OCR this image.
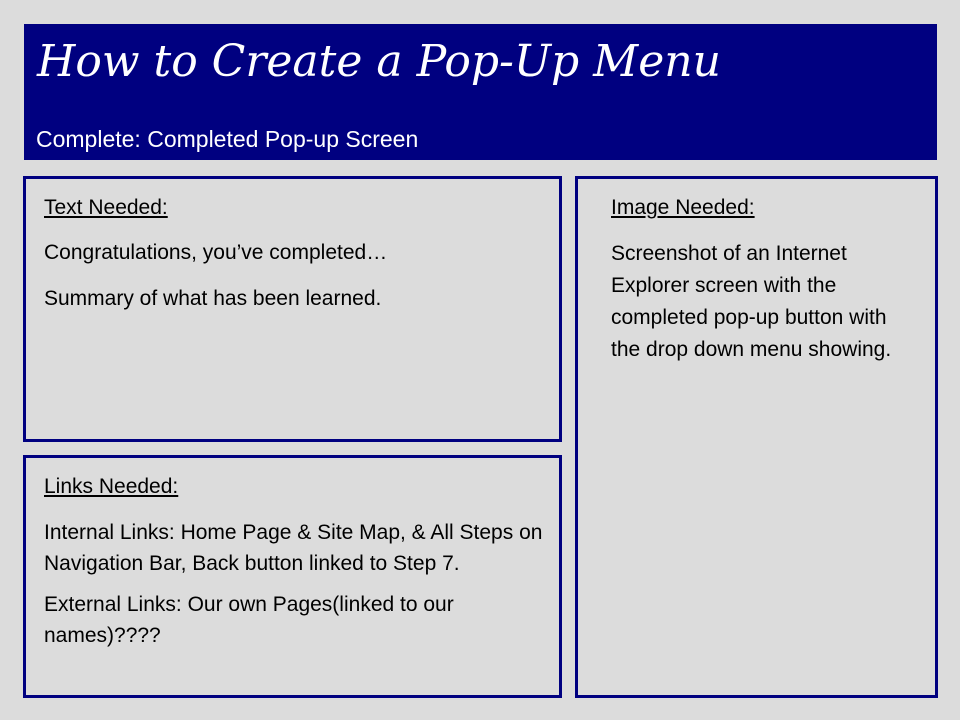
How to Create a Pop-Up Menu
Complete: Completed Pop-up Screen
Text Needed:
Congratulations, you’ve completed…
Summary of what has been learned.
Links Needed:
Internal Links: Home Page & Site Map, & All Steps on Navigation Bar, Back button linked to Step 7.
External Links: Our own Pages(linked to our names)????
Image Needed:
Screenshot of an Internet Explorer screen with the completed pop-up button with the drop down menu showing.
